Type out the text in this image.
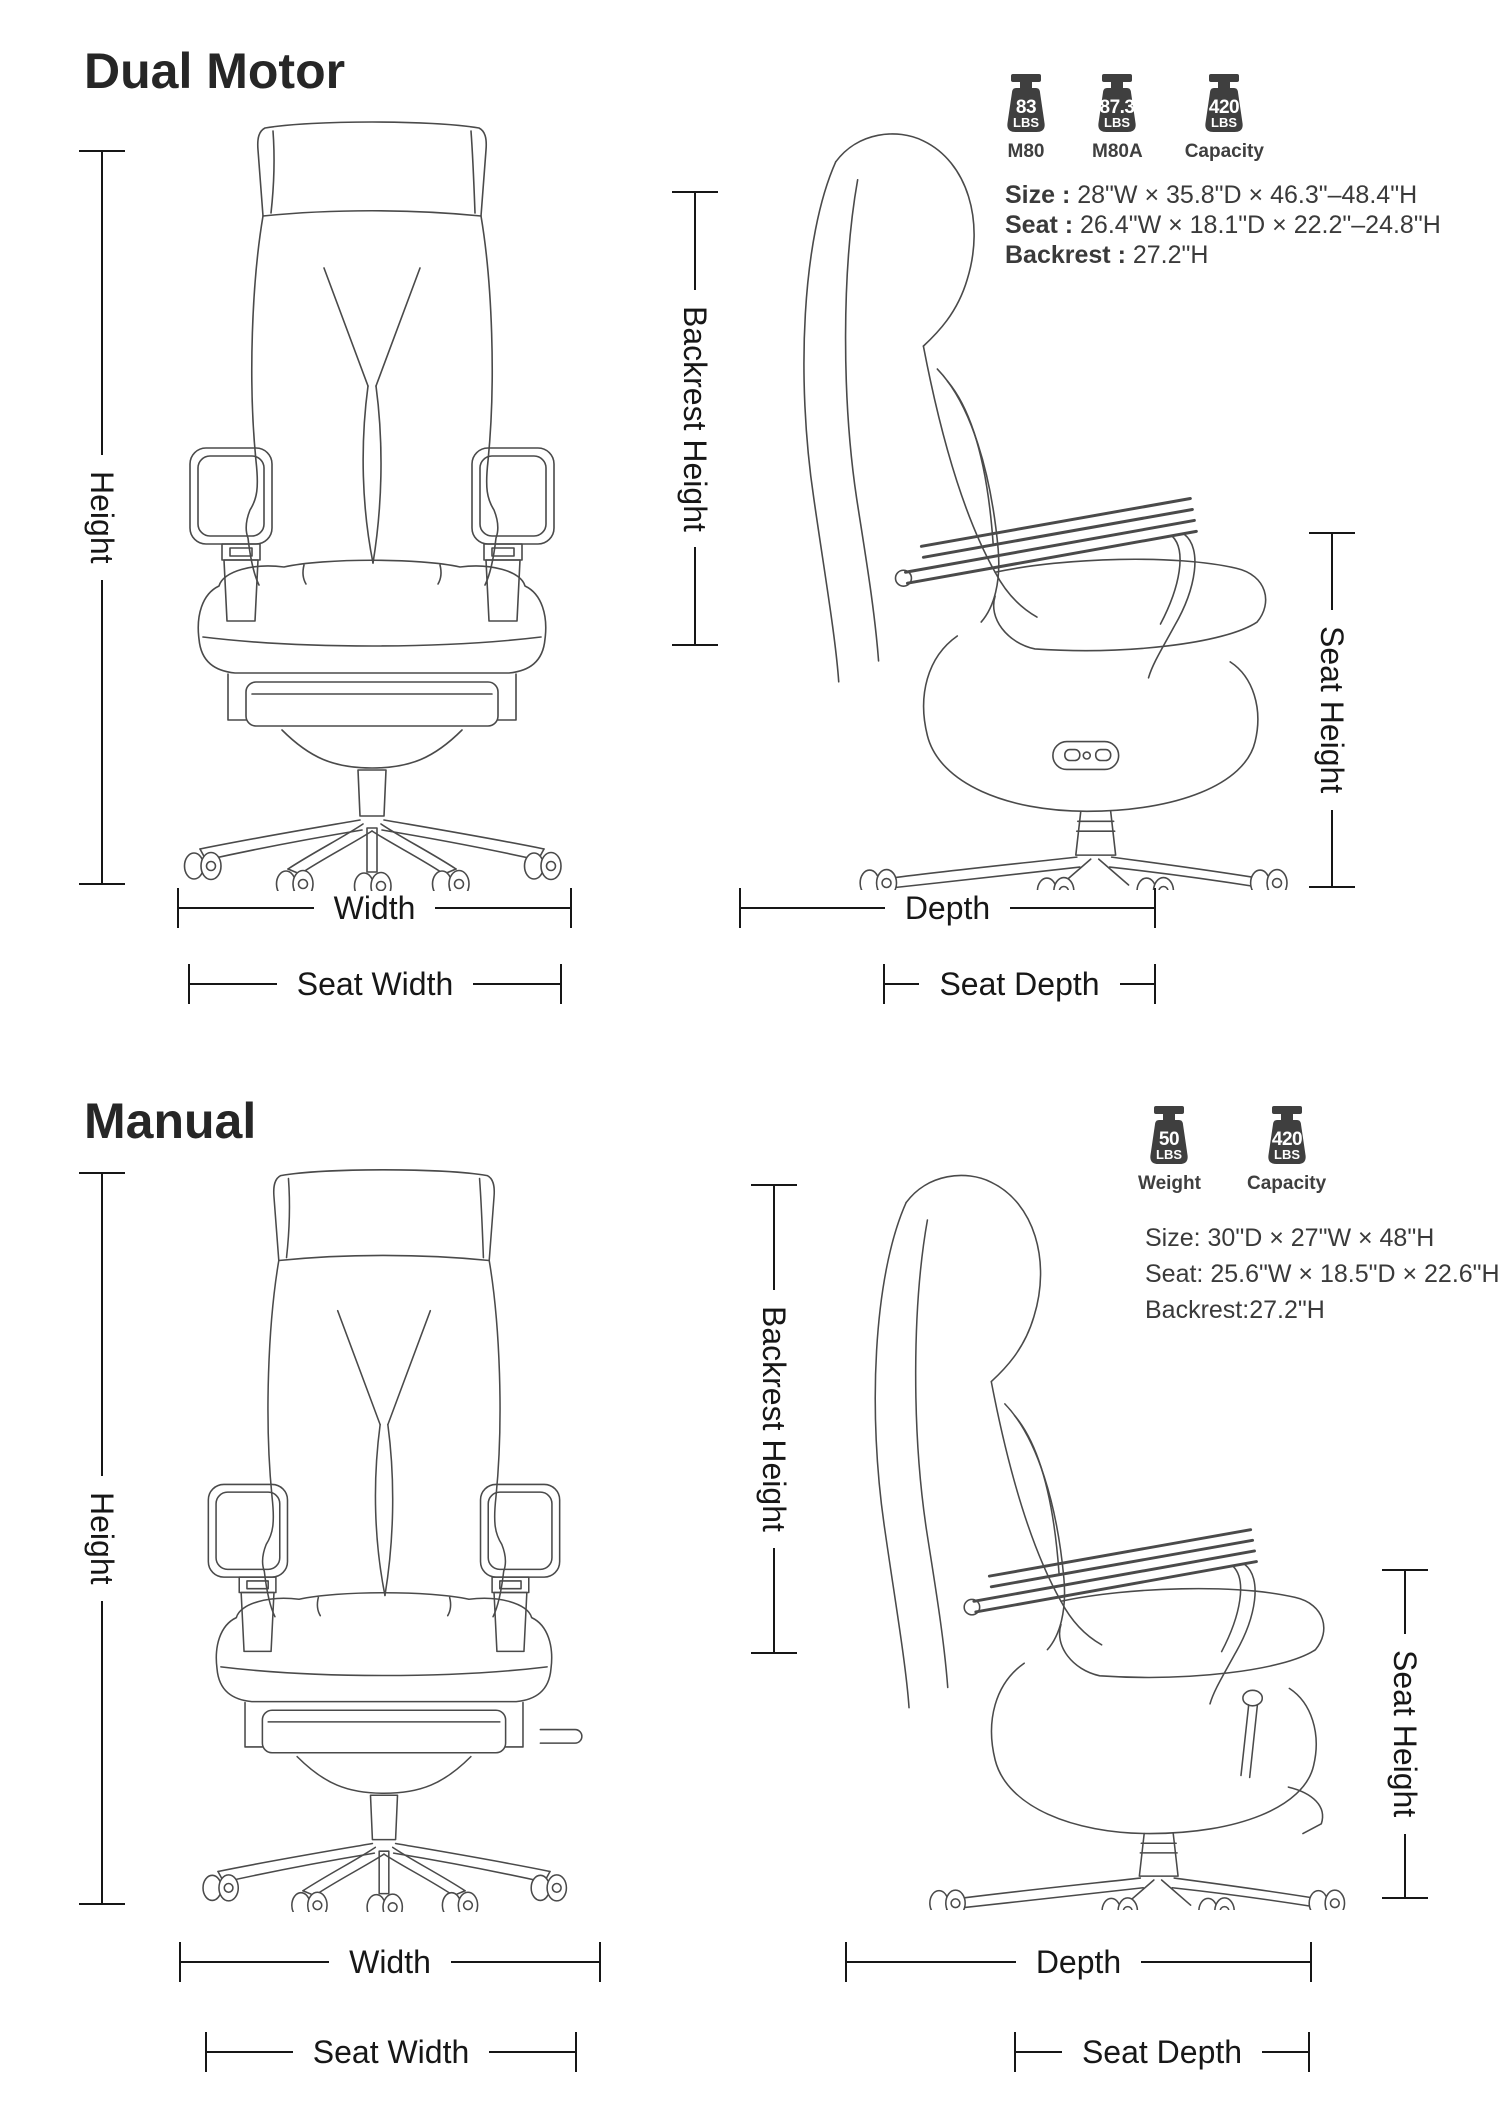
Dual Motor
Height	Backrest Height
Seat Height
Width
Seat Width
Depth
Seat Depth
83
LBS
M80
87.3
LBS
M80A
420
LBS
Capacity
Size : 28"W × 35.8"D × 46.3"–48.4"H
Seat : 26.4"W × 18.1"D × 22.2"–24.8"H
Backrest : 27.2"H
Manual
Height
Backrest Height
Seat Height
Width
Seat Width
Depth
Seat Depth
50
LBS
Weight
420
LBS
Capacity
Size: 30"D × 27"W × 48"H
Seat: 25.6"W × 18.5"D × 22.6"H
Backrest:27.2"H
